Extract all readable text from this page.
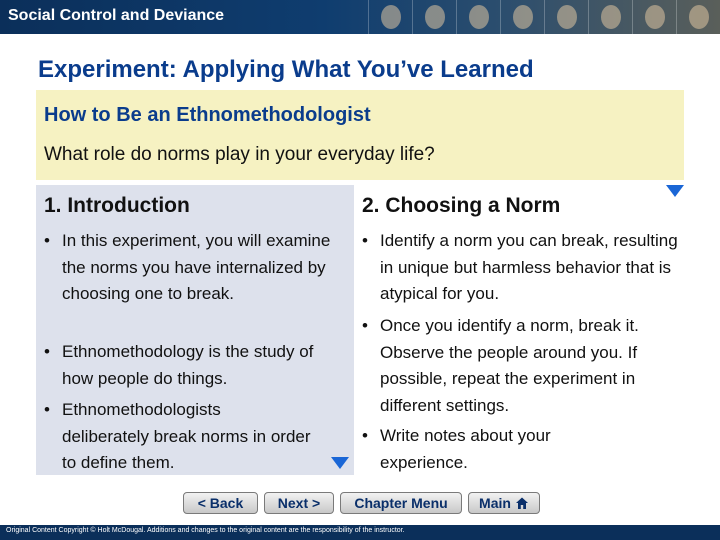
Social Control and Deviance
Experiment: Applying What You’ve Learned
How to Be an Ethnomethodologist
What role do norms play in your everyday life?
1. Introduction	2. Choosing a Norm
• In this experiment, you will examine the norms you have internalized by choosing one to break.
• Ethnomethodology is the study of how people do things.
• Ethnomethodologists deliberately break norms in order to define them.
• Identify a norm you can break, resulting in unique but harmless behavior that is atypical for you.
• Once you identify a norm, break it. Observe the people around you. If possible, repeat the experiment in different settings.
• Write notes about your experience.
< Back	Next >	Chapter Menu	Main
Original Content Copyright © Holt McDougal. Additions and changes to the original content are the responsibility of the instructor.
